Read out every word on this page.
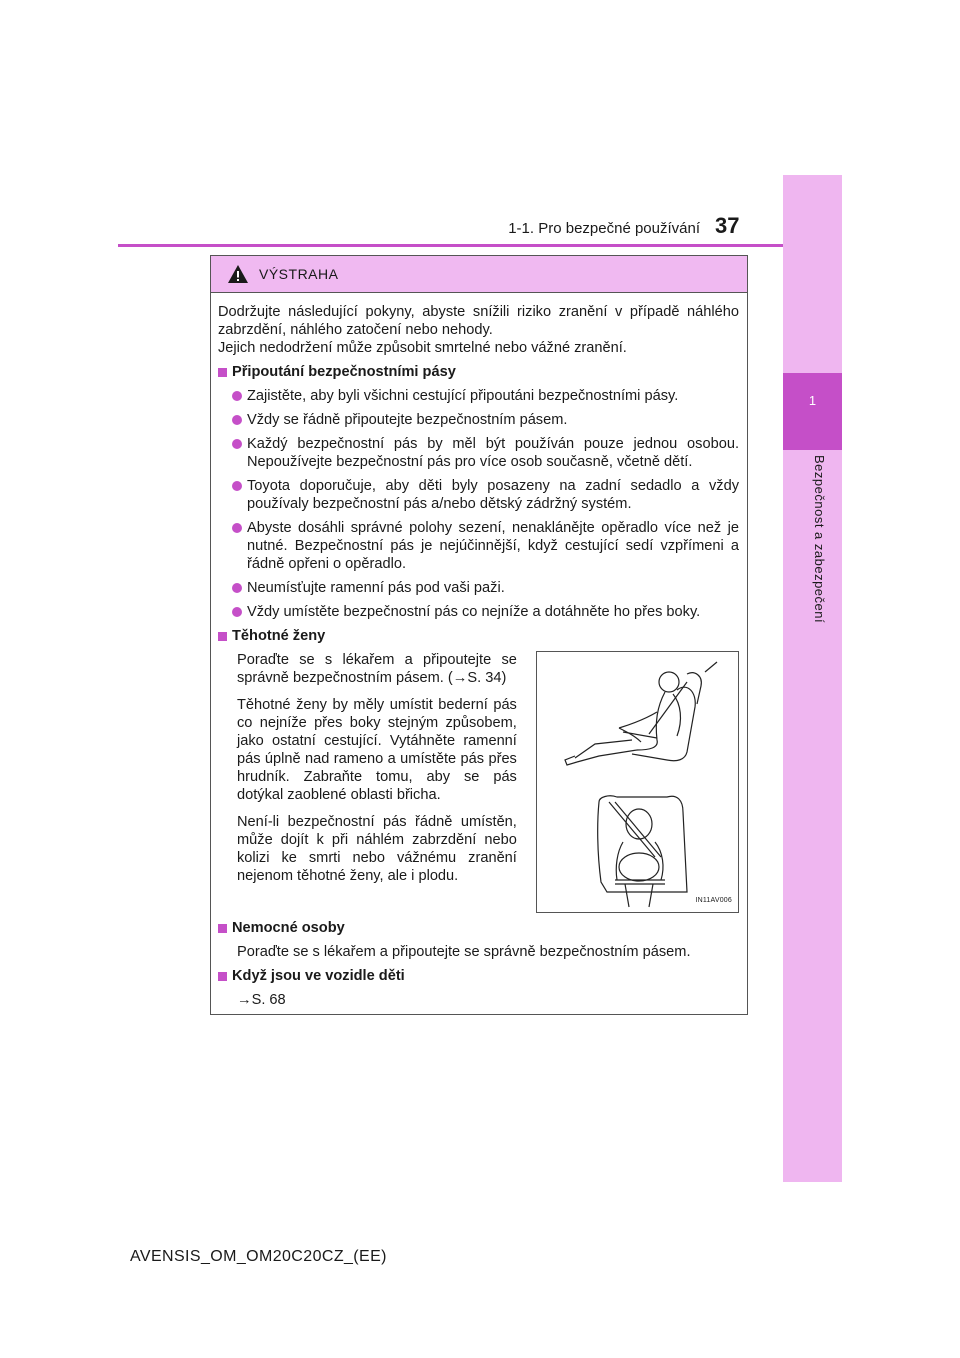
1
Bezpečnost a zabezpečení
1-1. Pro bezpečné používání 37
VÝSTRAHA

Dodržujte následující pokyny, abyste snížili riziko zranění v případě náhlého zabrzdění, náhlého zatočení nebo nehody.

Jejich nedodržení může způsobit smrtelné nebo vážné zranění.

Připoutání bezpečnostními pásy
Zajistěte, aby byli všichni cestující připoutáni bezpečnostními pásy.
Vždy se řádně připoutejte bezpečnostním pásem.
Každý bezpečnostní pás by měl být používán pouze jednou osobou. Nepoužívejte bezpečnostní pás pro více osob současně, včetně dětí.
Toyota doporučuje, aby děti byly posazeny na zadní sedadlo a vždy používaly bezpečnostní pás a/nebo dětský zádržný systém.
Abyste dosáhli správné polohy sezení, nenaklánějte opěradlo více než je nutné. Bezpečnostní pás je nejúčinnější, když cestující sedí vzpřímeni a řádně opřeni o opěradlo.
Neumísťujte ramenní pás pod vaši paži.
Vždy umístěte bezpečnostní pás co nejníže a dotáhněte ho přes boky.
Těhotné ženy

Poraďte se s lékařem a připoutejte se správně bezpečnostním pásem. (→S. 34)

Těhotné ženy by měly umístit bederní pás co nejníže přes boky stejným způsobem, jako ostatní cestující. Vytáhněte ramenní pás úplně nad rameno a umístěte pás přes hrudník. Zabraňte tomu, aby se pás dotýkal zaoblené oblasti břicha.

Není-li bezpečnostní pás řádně umístěn, může dojít k při náhlém zabrzdění nebo kolizi ke smrti nebo vážnému zranění nejenom těhotné ženy, ale i plodu.

IN11AV006
Nemocné osoby

Poraďte se s lékařem a připoutejte se správně bezpečnostním pásem.

Když jsou ve vozidle děti

→S. 68

AVENSIS_OM_OM20C20CZ_(EE)
